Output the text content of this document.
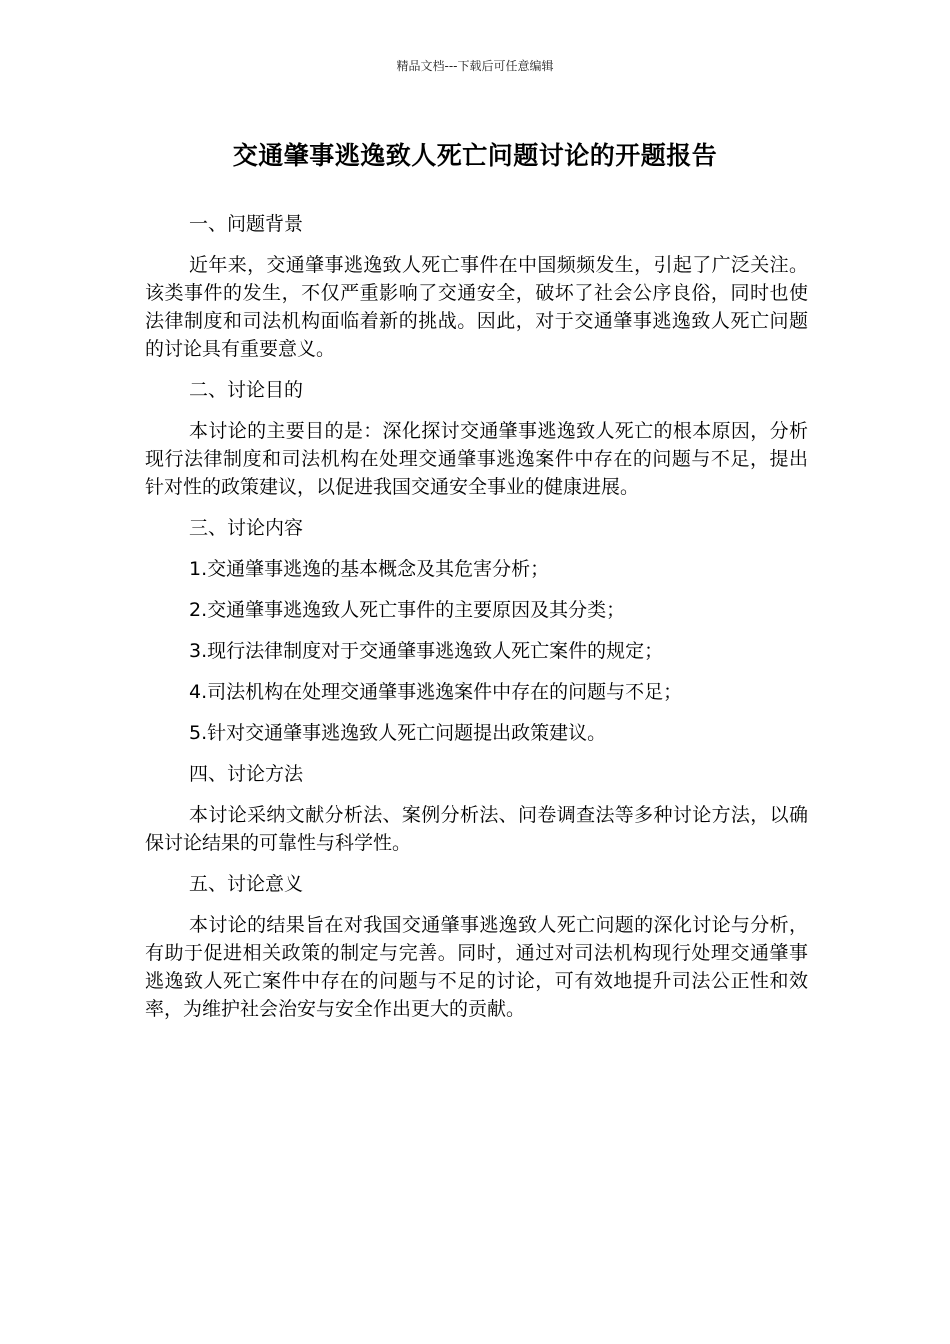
精品文档---下载后可任意编辑
交通肇事逃逸致人死亡问题讨论的开题报告

一、问题背景

近年来，交通肇事逃逸致人死亡事件在中国频频发生，引起了广泛关注。该类事件的发生，不仅严重影响了交通安全，破坏了社会公序良俗，同时也使法律制度和司法机构面临着新的挑战。因此，对于交通肇事逃逸致人死亡问题的讨论具有重要意义。

二、讨论目的

本讨论的主要目的是：深化探讨交通肇事逃逸致人死亡的根本原因，分析现行法律制度和司法机构在处理交通肇事逃逸案件中存在的问题与不足，提出针对性的政策建议，以促进我国交通安全事业的健康进展。

三、讨论内容

1.交通肇事逃逸的基本概念及其危害分析；

2.交通肇事逃逸致人死亡事件的主要原因及其分类；

3.现行法律制度对于交通肇事逃逸致人死亡案件的规定；

4.司法机构在处理交通肇事逃逸案件中存在的问题与不足；

5.针对交通肇事逃逸致人死亡问题提出政策建议。

四、讨论方法

本讨论采纳文献分析法、案例分析法、问卷调查法等多种讨论方法，以确保讨论结果的可靠性与科学性。

五、讨论意义

本讨论的结果旨在对我国交通肇事逃逸致人死亡问题的深化讨论与分析，有助于促进相关政策的制定与完善。同时，通过对司法机构现行处理交通肇事逃逸致人死亡案件中存在的问题与不足的讨论，可有效地提升司法公正性和效率，为维护社会治安与安全作出更大的贡献。
